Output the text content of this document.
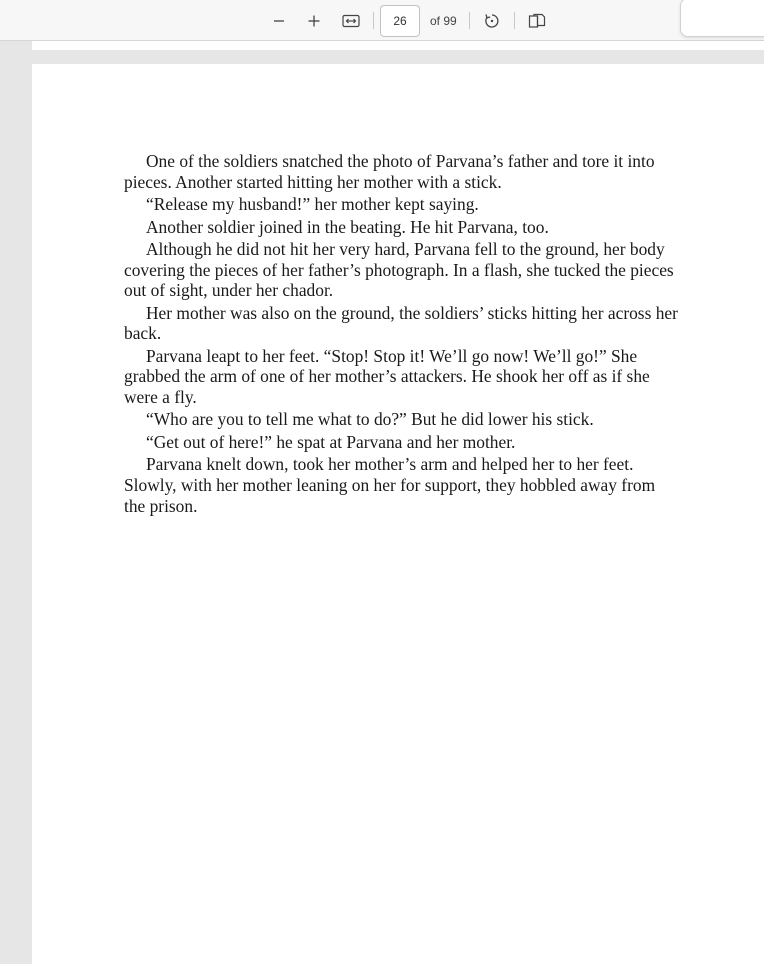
26
of 99

One of the soldiers snatched the photo of Parvana’s father and tore it into pieces. Another started hitting her mother with a stick.

“Release my husband!” her mother kept saying.

Another soldier joined in the beating. He hit Parvana, too.

Although he did not hit her very hard, Parvana fell to the ground, her body covering the pieces of her father’s photograph. In a flash, she tucked the pieces out of sight, under her chador.

Her mother was also on the ground, the soldiers’ sticks hitting her across her back.

Parvana leapt to her feet. “Stop! Stop it! We’ll go now! We’ll go!” She grabbed the arm of one of her mother’s attackers. He shook her off as if she were a fly.

“Who are you to tell me what to do?” But he did lower his stick.

“Get out of here!” he spat at Parvana and her mother.

Parvana knelt down, took her mother’s arm and helped her to her feet. Slowly, with her mother leaning on her for support, they hobbled away from the prison.
